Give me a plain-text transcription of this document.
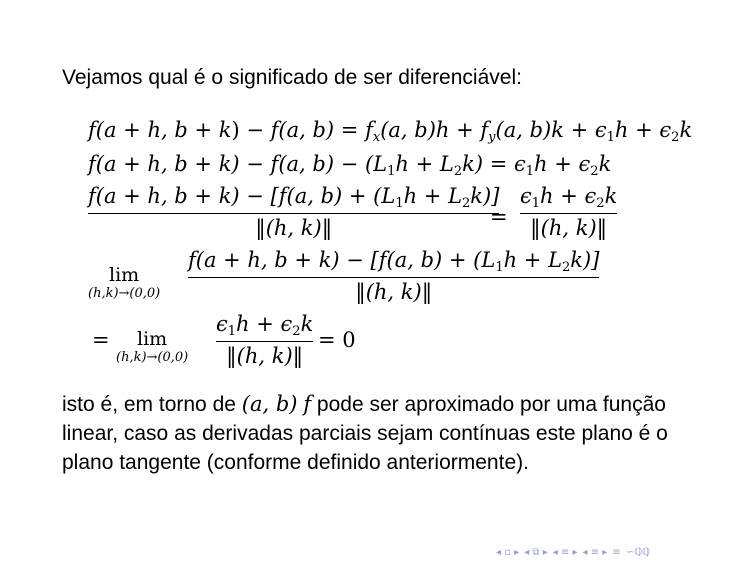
Vejamos qual é o significado de ser diferenciável:
f(a + h, b + k) − f(a, $b) = f_x(a$, $b)h + f_y(a$, $b)k + \epsilon_1h + \epsilon_2k$
f(a + h, b + k) − f(a, $b) - (L_1h + L_2k) = \epsilon_1h + \epsilon_2k$
f(a + h, b + k) − [f(a, $b) + (L_1h + L_2k)$]
‖(h, k)‖	=
$\epsilon_1h + \epsilon_2k$
‖(h, k)‖
lim
(h,k)→(0,0)
f(a + h, b + k) − [f(a, $b) + (L_1h + L_2k)$]
‖(h, k)‖
= lim
(h,k)→(0,0)
$\epsilon_1h + \epsilon_2k$
‖(h, k)‖
= 0
isto é, em torno de (a, b) f pode ser aproximado por uma função linear, caso as derivadas parciais sejam contínuas este plano é o plano tangente (conforme definido anteriormente).
◂ ▫ ▸ ◂ ⧉ ▸ ◂ ≡ ▸ ◂ ≡ ▸ ≡ ∽ℚℚ
